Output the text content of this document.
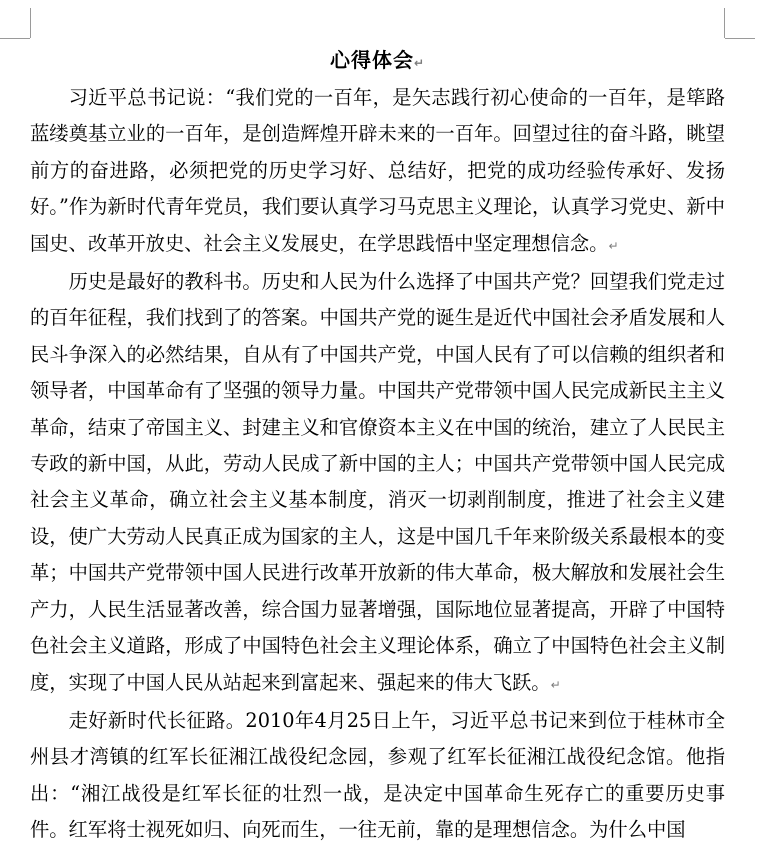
心得体会↵

习近平总书记说：“我们党的一百年，是矢志践行初心使命的一百年，是筚路蓝缕奠基立业的一百年，是创造辉煌开辟未来的一百年。回望过往的奋斗路，眺望前方的奋进路，必须把党的历史学习好、总结好，把党的成功经验传承好、发扬好。”作为新时代青年党员，我们要认真学习马克思主义理论，认真学习党史、新中国史、改革开放史、社会主义发展史，在学思践悟中坚定理想信念。↵

历史是最好的教科书。历史和人民为什么选择了中国共产党？回望我们党走过的百年征程，我们找到了的答案。中国共产党的诞生是近代中国社会矛盾发展和人民斗争深入的必然结果，自从有了中国共产党，中国人民有了可以信赖的组织者和领导者，中国革命有了坚强的领导力量。中国共产党带领中国人民完成新民主主义革命，结束了帝国主义、封建主义和官僚资本主义在中国的统治，建立了人民民主专政的新中国，从此，劳动人民成了新中国的主人；中国共产党带领中国人民完成社会主义革命，确立社会主义基本制度，消灭一切剥削制度，推进了社会主义建设，使广大劳动人民真正成为国家的主人，这是中国几千年来阶级关系最根本的变革；中国共产党带领中国人民进行改革开放新的伟大革命，极大解放和发展社会生产力，人民生活显著改善，综合国力显著增强，国际地位显著提高，开辟了中国特色社会主义道路，形成了中国特色社会主义理论体系，确立了中国特色社会主义制度，实现了中国人民从站起来到富起来、强起来的伟大飞跃。↵

走好新时代长征路。2010年4月25日上午，习近平总书记来到位于桂林市全州县才湾镇的红军长征湘江战役纪念园，参观了红军长征湘江战役纪念馆。他指出：“湘江战役是红军长征的壮烈一战，是决定中国革命生死存亡的重要历史事件。红军将士视死如归、向死而生，一往无前，靠的是理想信念。为什么中国
